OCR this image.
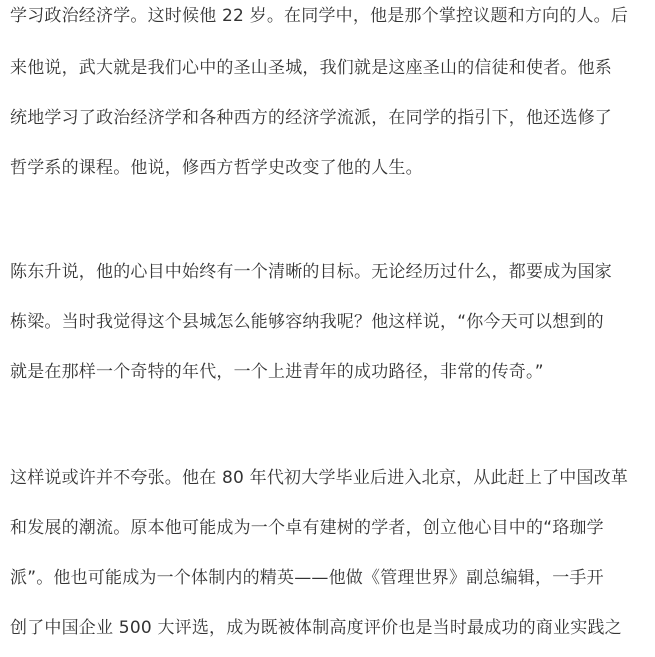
学习政治经济学。这时候他 22 岁。在同学中，他是那个掌控议题和方向的人。后
来他说，武大就是我们心中的圣山圣城，我们就是这座圣山的信徒和使者。他系
统地学习了政治经济学和各种西方的经济学流派，在同学的指引下，他还选修了
哲学系的课程。他说，修西方哲学史改变了他的人生。
陈东升说，他的心目中始终有一个清晰的目标。无论经历过什么，都要成为国家
栋梁。当时我觉得这个县城怎么能够容纳我呢？他这样说，“你今天可以想到的
就是在那样一个奇特的年代，一个上进青年的成功路径，非常的传奇。”
这样说或许并不夸张。他在 80 年代初大学毕业后进入北京，从此赶上了中国改革
和发展的潮流。原本他可能成为一个卓有建树的学者，创立他心目中的“珞珈学
派”。他也可能成为一个体制内的精英——他做《管理世界》副总编辑，一手开
创了中国企业 500 大评选，成为既被体制高度评价也是当时最成功的商业实践之
